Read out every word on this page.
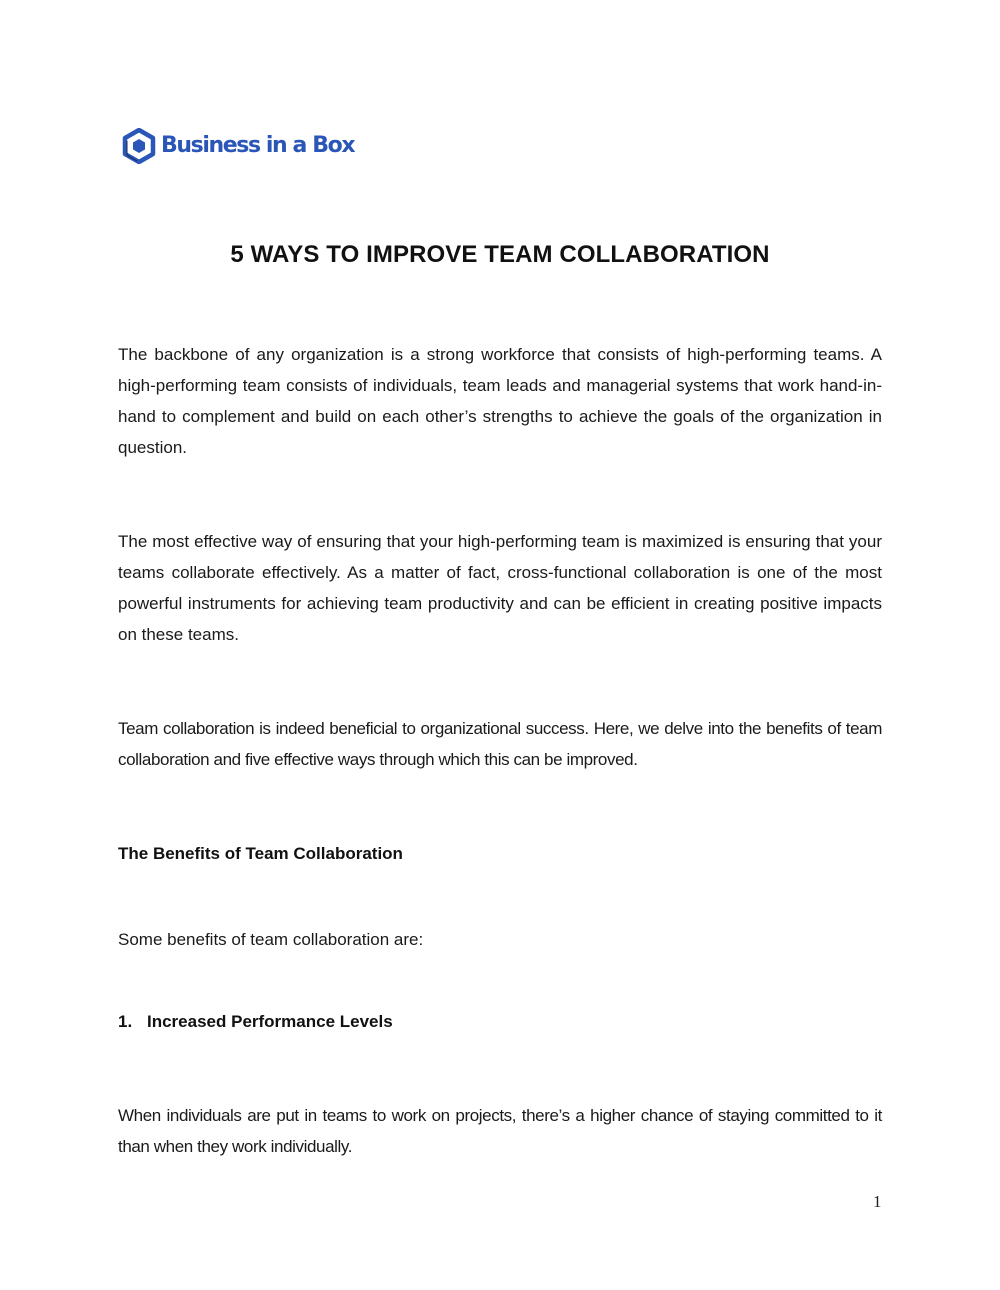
Business in a Box
5 WAYS TO IMPROVE TEAM COLLABORATION

The backbone of any organization is a strong workforce that consists of high-performing teams. A high-performing team consists of individuals, team leads and managerial systems that work hand-in-hand to complement and build on each other’s strengths to achieve the goals of the organization in question.

The most effective way of ensuring that your high-performing team is maximized is ensuring that your teams collaborate effectively. As a matter of fact, cross-functional collaboration is one of the most powerful instruments for achieving team productivity and can be efficient in creating positive impacts on these teams.

Team collaboration is indeed beneficial to organizational success. Here, we delve into the benefits of team collaboration and five effective ways through which this can be improved.

The Benefits of Team Collaboration

Some benefits of team collaboration are:

1. Increased Performance Levels

When individuals are put in teams to work on projects, there’s a higher chance of staying committed to it than when they work individually.

1
